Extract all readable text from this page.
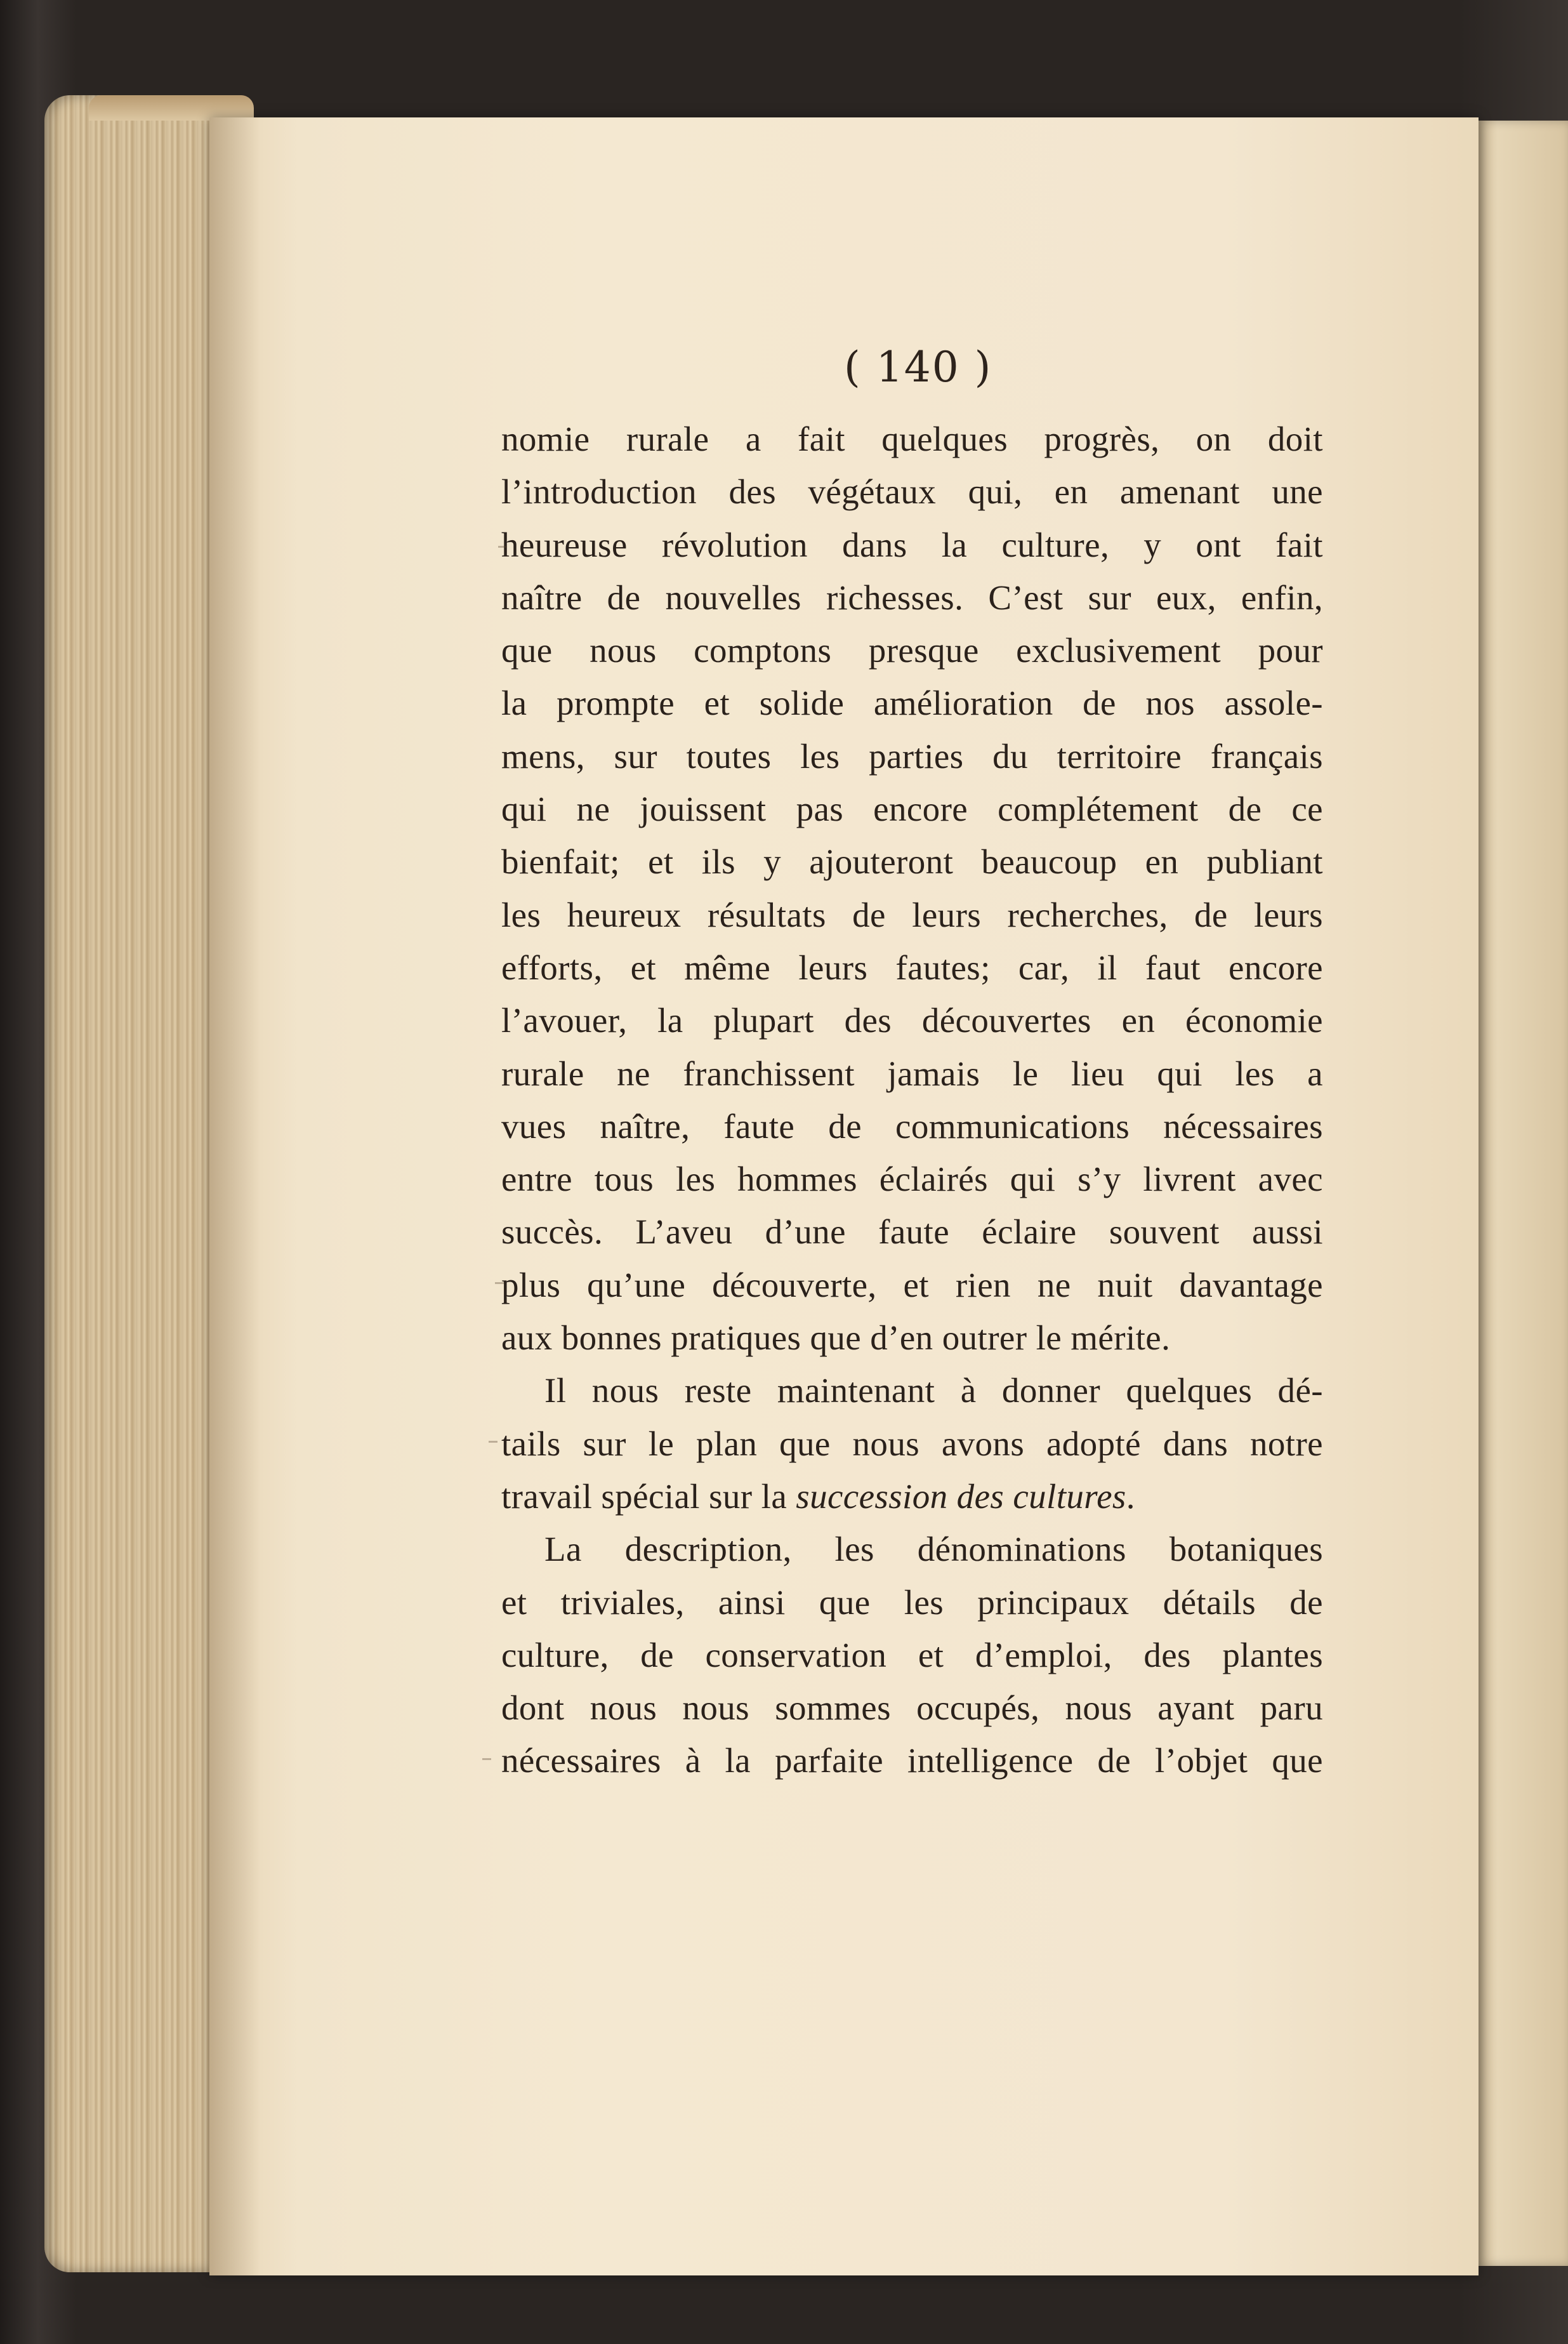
( 140 )
nomie rurale a fait quelques progrès, on doit
l’introduction des végétaux qui, en amenant une
heureuse révolution dans la culture, y ont fait
naître de nouvelles richesses. C’est sur eux, enfin,
que nous comptons presque exclusivement pour
la prompte et solide amélioration de nos assole-
mens, sur toutes les parties du territoire français
qui ne jouissent pas encore complétement de ce
bienfait; et ils y ajouteront beaucoup en publiant
les heureux résultats de leurs recherches, de leurs
efforts, et même leurs fautes; car, il faut encore
l’avouer, la plupart des découvertes en économie
rurale ne franchissent jamais le lieu qui les a
vues naître, faute de communications nécessaires
entre tous les hommes éclairés qui s’y livrent avec
succès. L’aveu d’une faute éclaire souvent aussi
plus qu’une découverte, et rien ne nuit davantage
aux bonnes pratiques que d’en outrer le mérite.
Il nous reste maintenant à donner quelques dé-
tails sur le plan que nous avons adopté dans notre
travail spécial sur la succession des cultures.
La description, les dénominations botaniques
et triviales, ainsi que les principaux détails de
culture, de conservation et d’emploi, des plantes
dont nous nous sommes occupés, nous ayant paru
nécessaires à la parfaite intelligence de l’objet que
